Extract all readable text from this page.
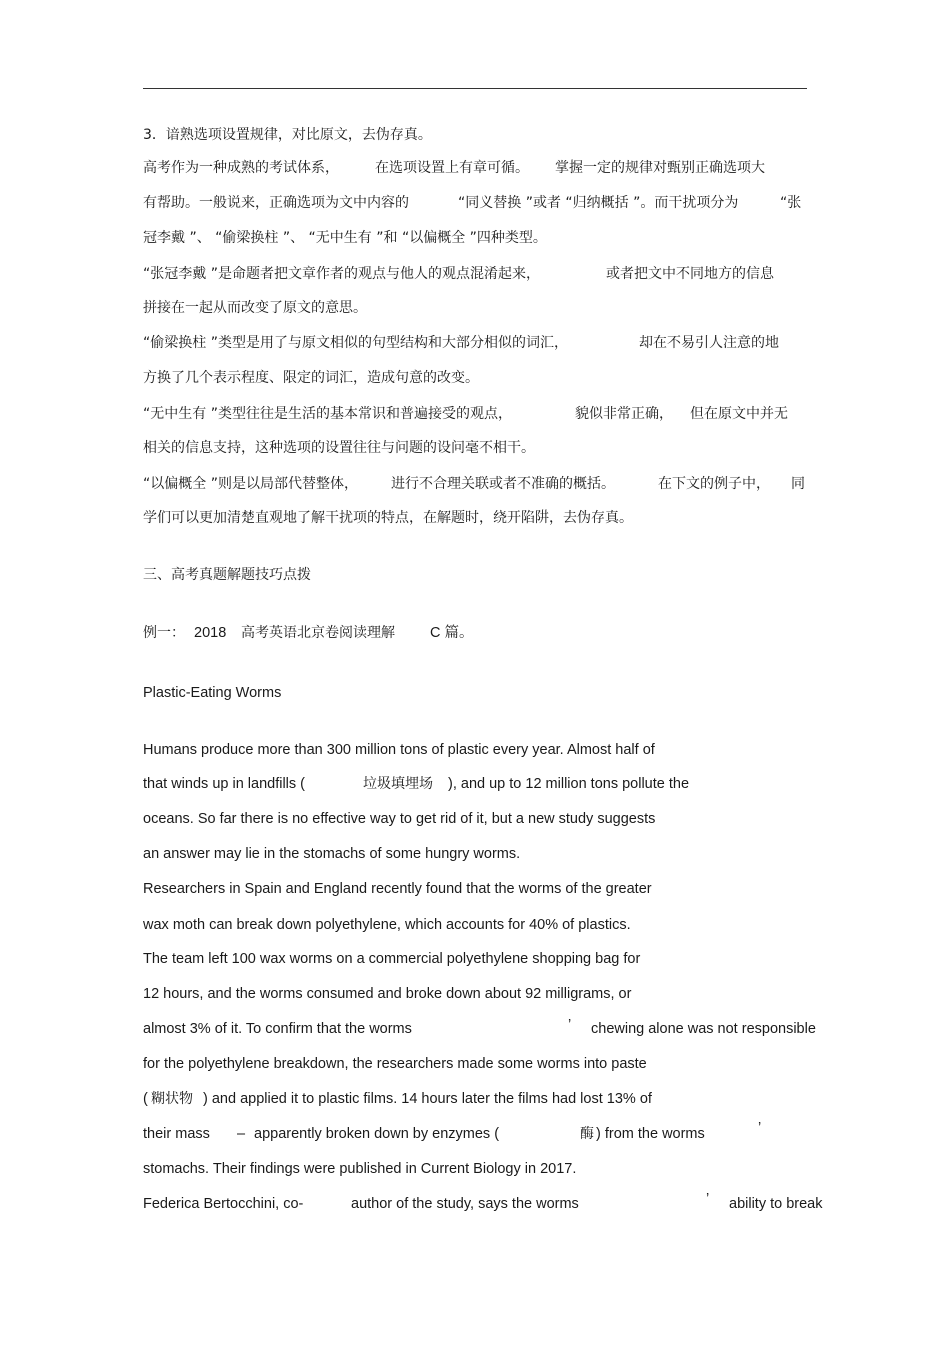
3．谙熟选项设置规律，对比原文，去伪存真。
高考作为一种成熟的考试体系，	在选项设置上有章可循。 掌握一定的规律对甄别正确选项大
有帮助。一般说来，正确选项为文中内容的	“同义替换 ”或者 “归纳概括 ”。而干扰项分为	“张
冠李戴 ”、 “偷梁换柱 ”、 “无中生有 ”和 “以偏概全 ”四种类型。
“张冠李戴 ”是命题者把文章作者的观点与他人的观点混淆起来，	或者把文中不同地方的信息
拼接在一起从而改变了原文的意思。
“偷梁换柱 ”类型是用了与原文相似的句型结构和大部分相似的词汇，	却在不易引人注意的地
方换了几个表示程度、限定的词汇，造成句意的改变。
“无中生有 ”类型往往是生活的基本常识和普遍接受的观点，	貌似非常正确， 但在原文中并无
相关的信息支持，这种选项的设置往往与问题的设问毫不相干。
“以偏概全 ”则是以局部代替整体， 进行不合理关联或者不准确的概括。	在下文的例子中， 同
学们可以更加清楚直观地了解干扰项的特点，在解题时，绕开陷阱，去伪存真。
三、高考真题解题技巧点拨
例一： 2018 高考英语北京卷阅读理解 C 篇。
Plastic-Eating Worms
Humans produce more than 300 million tons of plastic every year. Almost half of
that winds up in landfills (	垃圾填埋场 ), and up to 12 million tons pollute the
oceans. So far there is no effective way to get rid of it, but a new study suggests
an answer may lie in the stomachs of some hungry worms.
Researchers in Spain and England recently found that the worms of the greater
wax moth can break down polyethylene, which accounts for 40% of plastics.
The team left 100 wax worms on a commercial polyethylene shopping bag for
12 hours, and the worms consumed and broke down about 92 milligrams, or
almost 3% of it. To confirm that the worms	’ chewing alone was not responsible
for the polyethylene breakdown, the researchers made some worms into paste
( 糊状物 ) and applied it to plastic films. 14 hours later the films had lost 13% of
their mass – apparently broken down by enzymes (	酶 ) from the worms	’
stomachs. Their findings were published in Current Biology in 2017.
Federica Bertocchini, co-	author of the study, says the worms	’ ability to break
